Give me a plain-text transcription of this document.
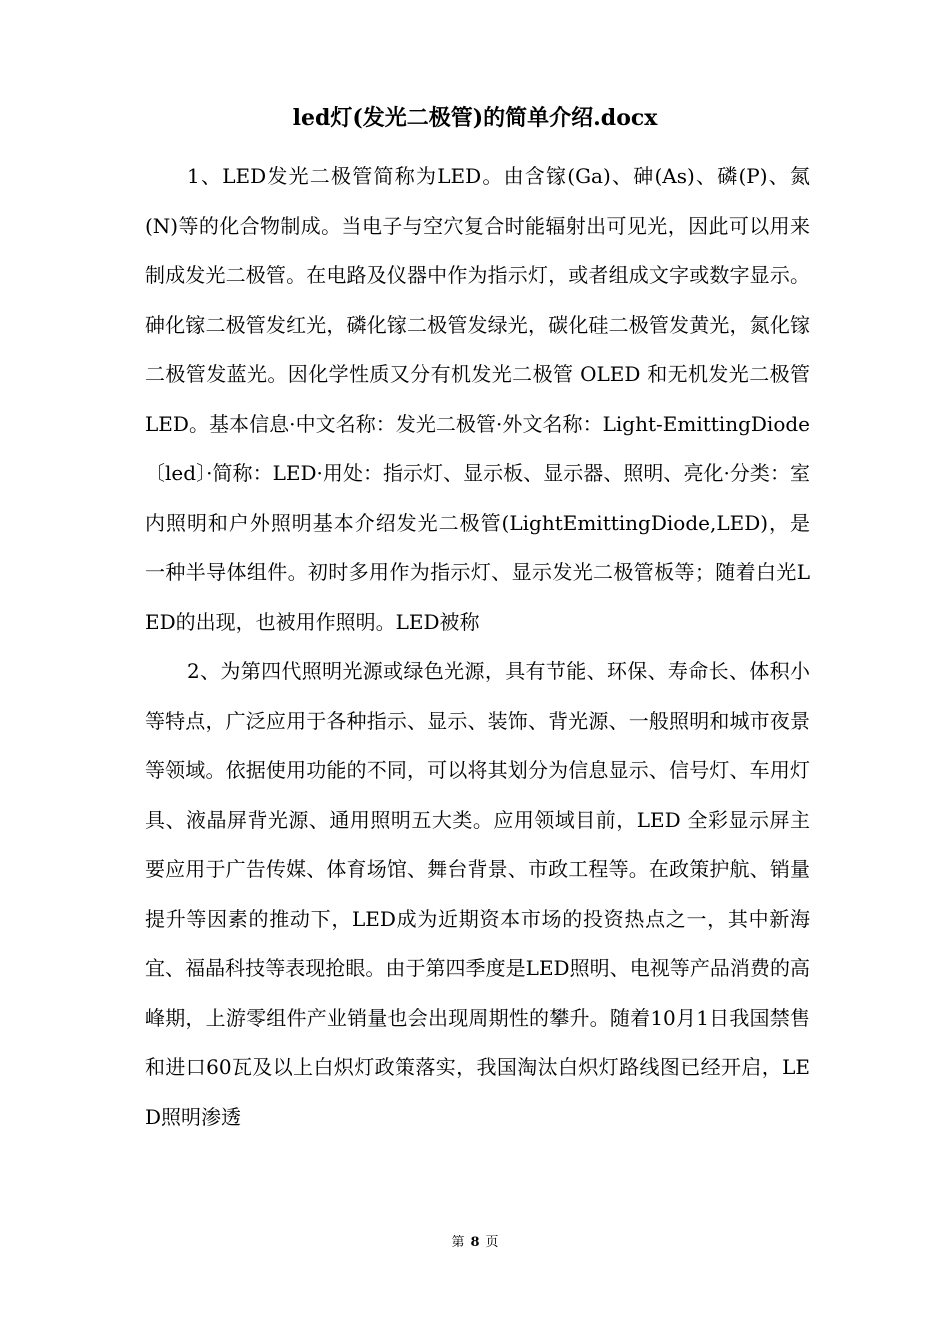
led灯(发光二极管)的简单介绍.docx

1、LED发光二极管简称为LED。由含镓(Ga)、砷(As)、磷(P)、氮(N)等的化合物制成。当电子与空穴复合时能辐射出可见光，因此可以用来制成发光二极管。在电路及仪器中作为指示灯，或者组成文字或数字显示。砷化镓二极管发红光，磷化镓二极管发绿光，碳化硅二极管发黄光，氮化镓二极管发蓝光。因化学性质又分有机发光二极管 OLED 和无机发光二极管 LED。基本信息·中文名称：发光二极管·外文名称：Light-EmittingDiode〔led〕·简称：LED·用处：指示灯、显示板、显示器、照明、亮化·分类：室内照明和户外照明基本介绍发光二极管(LightEmittingDiode,LED)，是一种半导体组件。初时多用作为指示灯、显示发光二极管板等；随着白光LED的出现，也被用作照明。LED被称

2、为第四代照明光源或绿色光源，具有节能、环保、寿命长、体积小等特点，广泛应用于各种指示、显示、装饰、背光源、一般照明和城市夜景等领域。依据使用功能的不同，可以将其划分为信息显示、信号灯、车用灯具、液晶屏背光源、通用照明五大类。应用领域目前，LED 全彩显示屏主要应用于广告传媒、体育场馆、舞台背景、市政工程等。在政策护航、销量提升等因素的推动下，LED成为近期资本市场的投资热点之一，其中新海宜、福晶科技等表现抢眼。由于第四季度是LED照明、电视等产品消费的高峰期，上游零组件产业销量也会出现周期性的攀升。随着10月1日我国禁售和进口60瓦及以上白炽灯政策落实，我国淘汰白炽灯路线图已经开启，LED照明渗透

第 8 页
